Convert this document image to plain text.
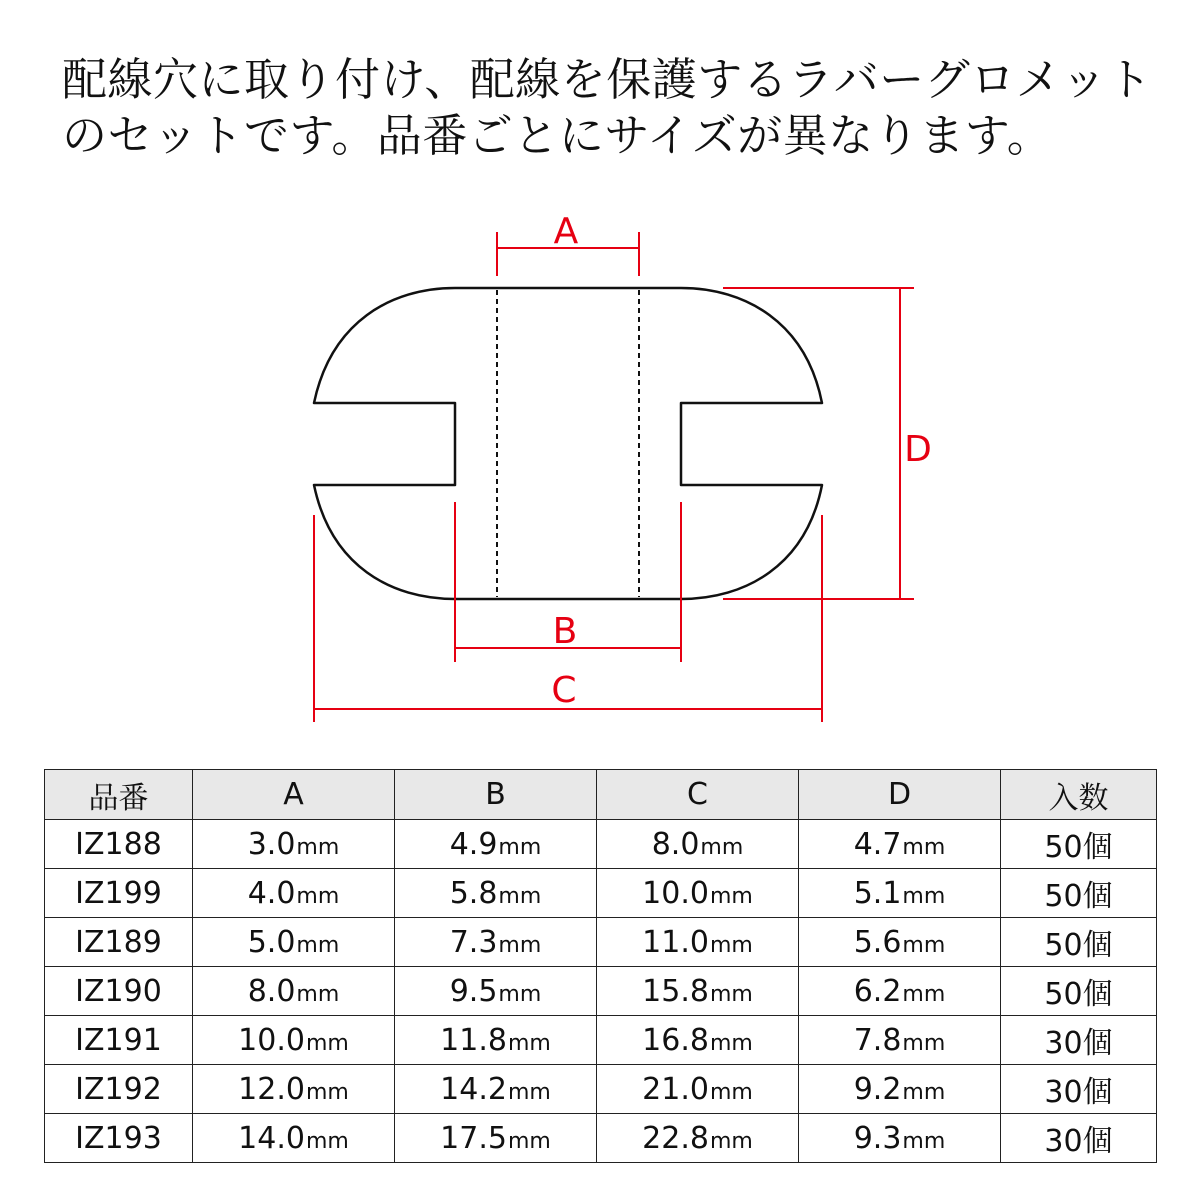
配線穴に取り付け、配線を保護するラバーグロメット
のセットです。品番ごとにサイズが異なります。
A
D
B
C
品番	A	B	C	D	入数
IZ188	3.0mm	4.9mm	8.0mm	4.7mm	50個
IZ199	4.0mm	5.8mm	10.0mm	5.1mm	50個
IZ189	5.0mm	7.3mm	11.0mm	5.6mm	50個
IZ190	8.0mm	9.5mm	15.8mm	6.2mm	50個
IZ191	10.0mm	11.8mm	16.8mm	7.8mm	30個
IZ192	12.0mm	14.2mm	21.0mm	9.2mm	30個
IZ193	14.0mm	17.5mm	22.8mm	9.3mm	30個
